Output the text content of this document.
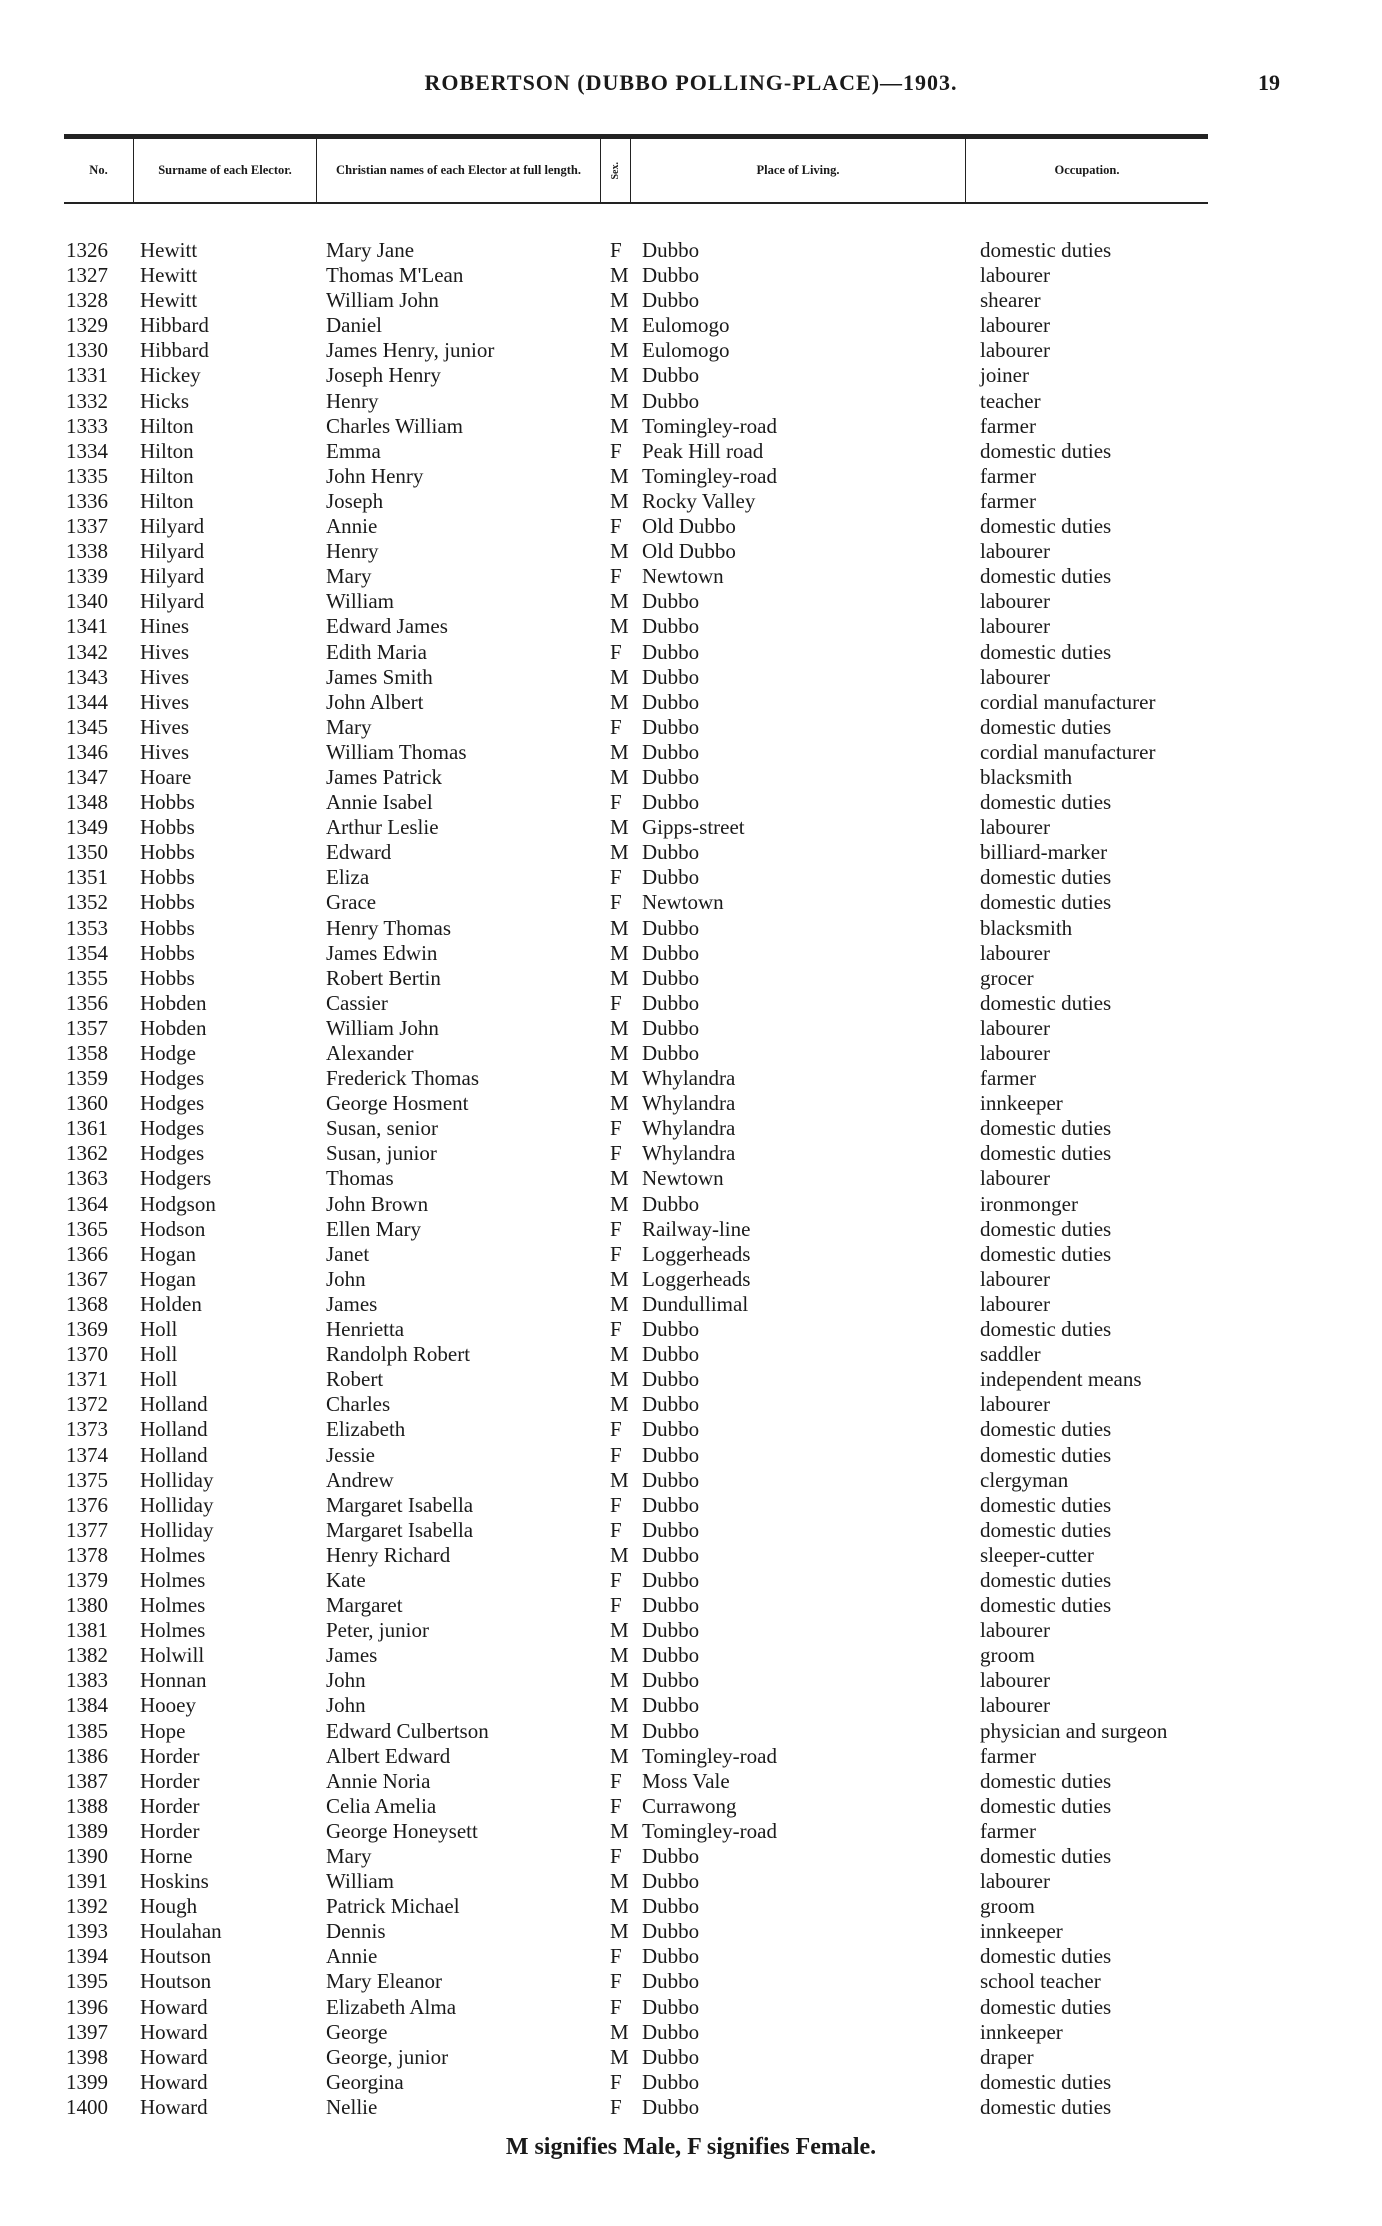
ROBERTSON (DUBBO POLLING-PLACE)—1903.	19
No.	Surname of each Elector.	Christian names of each Elector at full length.	Sex.	Place of Living.	Occupation.
1326	Hewitt	Mary Jane	F Dubbo	domestic duties
1327	Hewitt	Thomas M'Lean	M Dubbo	labourer
1328	Hewitt	William John	M Dubbo	shearer
1329	Hibbard	Daniel	M Eulomogo	labourer
1330	Hibbard	James Henry, junior	M Eulomogo	labourer
1331	Hickey	Joseph Henry	M Dubbo	joiner
1332	Hicks	Henry	M Dubbo	teacher
1333	Hilton	Charles William	M Tomingley-road	farmer
1334	Hilton	Emma	F Peak Hill road	domestic duties
1335	Hilton	John Henry	M Tomingley-road	farmer
1336	Hilton	Joseph	M Rocky Valley	farmer
1337	Hilyard	Annie	F Old Dubbo	domestic duties
1338	Hilyard	Henry	M Old Dubbo	labourer
1339	Hilyard	Mary	F Newtown	domestic duties
1340	Hilyard	William	M Dubbo	labourer
1341	Hines	Edward James	M Dubbo	labourer
1342	Hives	Edith Maria	F Dubbo	domestic duties
1343	Hives	James Smith	M Dubbo	labourer
1344	Hives	John Albert	M Dubbo	cordial manufacturer
1345	Hives	Mary	F Dubbo	domestic duties
1346	Hives	William Thomas	M Dubbo	cordial manufacturer
1347	Hoare	James Patrick	M Dubbo	blacksmith
1348	Hobbs	Annie Isabel	F Dubbo	domestic duties
1349	Hobbs	Arthur Leslie	M Gipps-street	labourer
1350	Hobbs	Edward	M Dubbo	billiard-marker
1351	Hobbs	Eliza	F Dubbo	domestic duties
1352	Hobbs	Grace	F Newtown	domestic duties
1353	Hobbs	Henry Thomas	M Dubbo	blacksmith
1354	Hobbs	James Edwin	M Dubbo	labourer
1355	Hobbs	Robert Bertin	M Dubbo	grocer
1356	Hobden	Cassier	F Dubbo	domestic duties
1357	Hobden	William John	M Dubbo	labourer
1358	Hodge	Alexander	M Dubbo	labourer
1359	Hodges	Frederick Thomas	M Whylandra	farmer
1360	Hodges	George Hosment	M Whylandra	innkeeper
1361	Hodges	Susan, senior	F Whylandra	domestic duties
1362	Hodges	Susan, junior	F Whylandra	domestic duties
1363	Hodgers	Thomas	M Newtown	labourer
1364	Hodgson	John Brown	M Dubbo	ironmonger
1365	Hodson	Ellen Mary	F Railway-line	domestic duties
1366	Hogan	Janet	F Loggerheads	domestic duties
1367	Hogan	John	M Loggerheads	labourer
1368	Holden	James	M Dundullimal	labourer
1369	Holl	Henrietta	F Dubbo	domestic duties
1370	Holl	Randolph Robert	M Dubbo	saddler
1371	Holl	Robert	M Dubbo	independent means
1372	Holland	Charles	M Dubbo	labourer
1373	Holland	Elizabeth	F Dubbo	domestic duties
1374	Holland	Jessie	F Dubbo	domestic duties
1375	Holliday	Andrew	M Dubbo	clergyman
1376	Holliday	Margaret Isabella	F Dubbo	domestic duties
1377	Holliday	Margaret Isabella	F Dubbo	domestic duties
1378	Holmes	Henry Richard	M Dubbo	sleeper-cutter
1379	Holmes	Kate	F Dubbo	domestic duties
1380	Holmes	Margaret	F Dubbo	domestic duties
1381	Holmes	Peter, junior	M Dubbo	labourer
1382	Holwill	James	M Dubbo	groom
1383	Honnan	John	M Dubbo	labourer
1384	Hooey	John	M Dubbo	labourer
1385	Hope	Edward Culbertson	M Dubbo	physician and surgeon
1386	Horder	Albert Edward	M Tomingley-road	farmer
1387	Horder	Annie Noria	F Moss Vale	domestic duties
1388	Horder	Celia Amelia	F Currawong	domestic duties
1389	Horder	George Honeysett	M Tomingley-road	farmer
1390	Horne	Mary	F Dubbo	domestic duties
1391	Hoskins	William	M Dubbo	labourer
1392	Hough	Patrick Michael	M Dubbo	groom
1393	Houlahan	Dennis	M Dubbo	innkeeper
1394	Houtson	Annie	F Dubbo	domestic duties
1395	Houtson	Mary Eleanor	F Dubbo	school teacher
1396	Howard	Elizabeth Alma	F Dubbo	domestic duties
1397	Howard	George	M Dubbo	innkeeper
1398	Howard	George, junior	M Dubbo	draper
1399	Howard	Georgina	F Dubbo	domestic duties
1400	Howard	Nellie	F Dubbo	domestic duties
M signifies Male, F signifies Female.
